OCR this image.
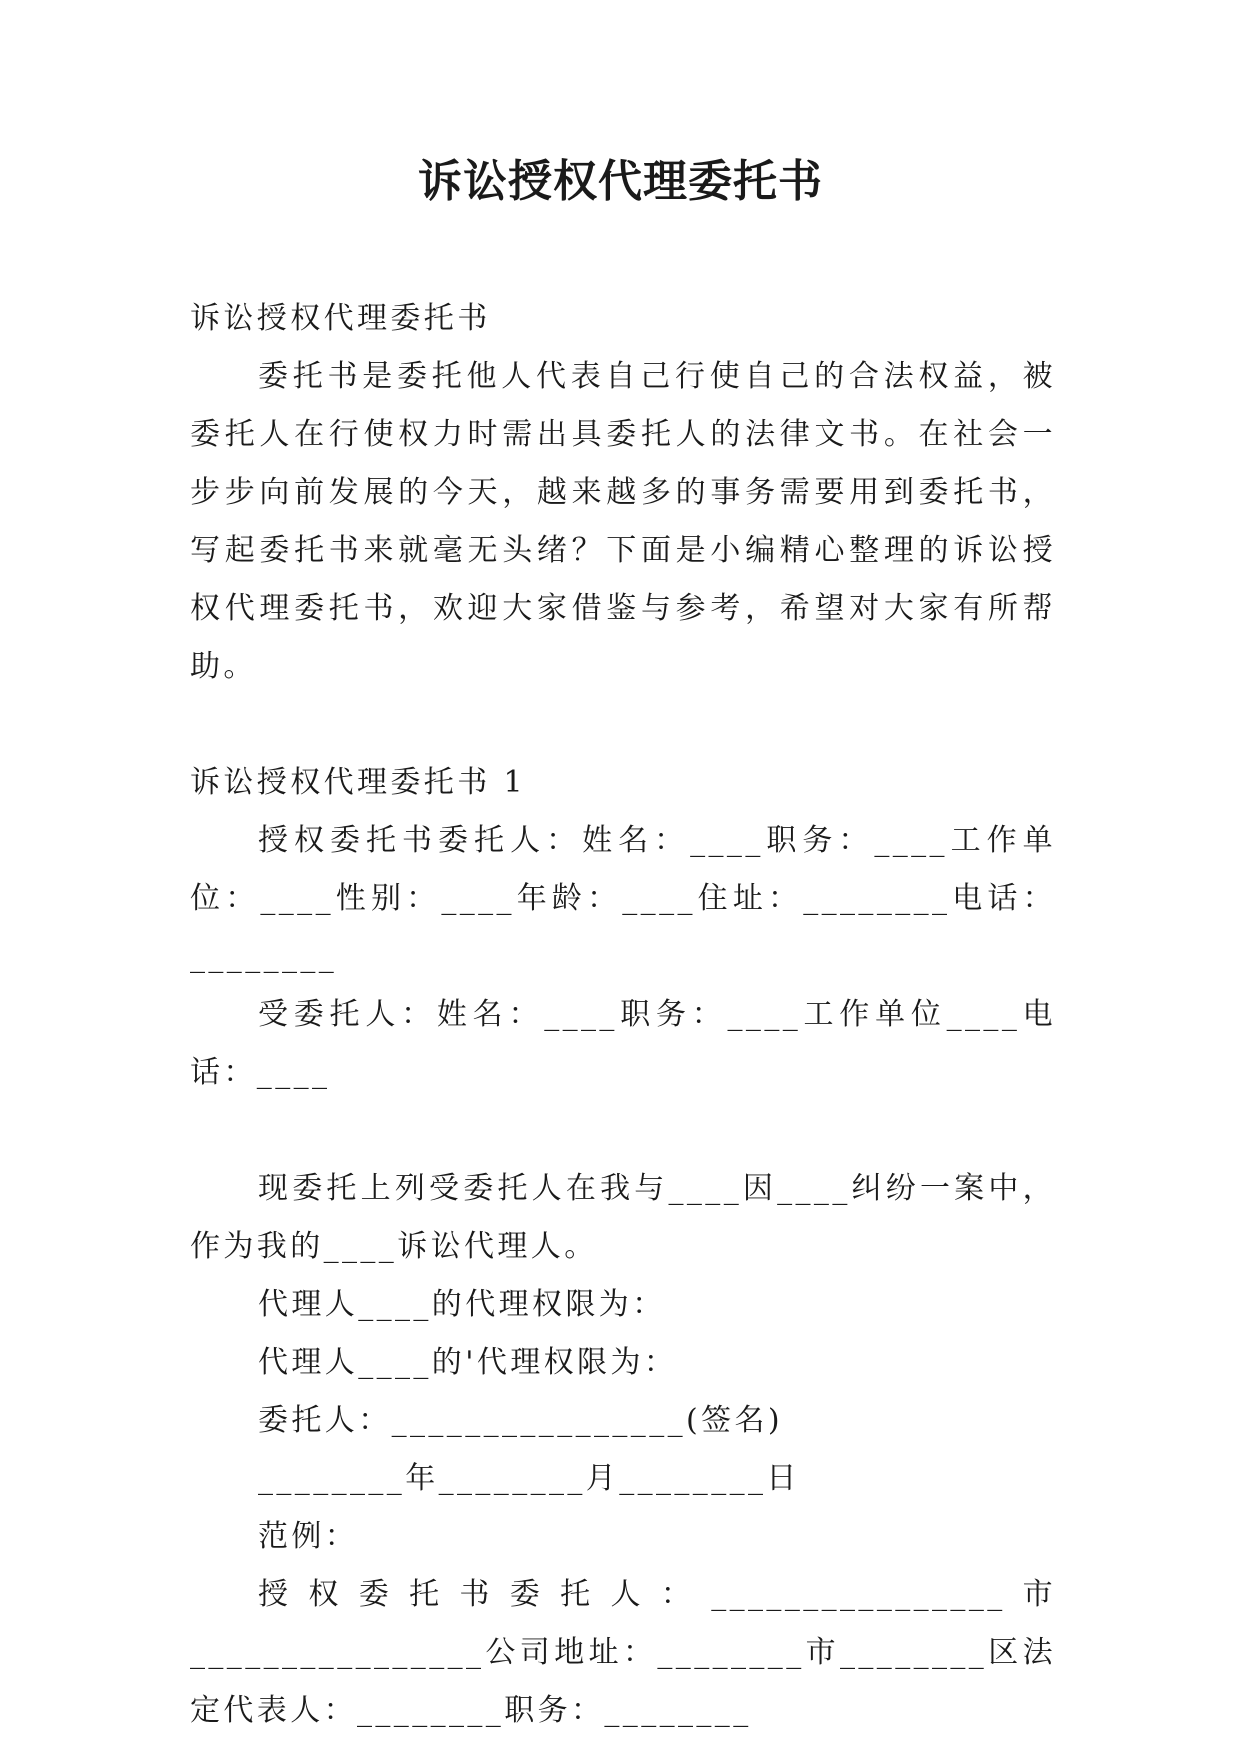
诉讼授权代理委托书

诉讼授权代理委托书

委托书是委托他人代表自己行使自己的合法权益，被委托人在行使权力时需出具委托人的法律文书。在社会一步步向前发展的今天，越来越多的事务需要用到委托书，写起委托书来就毫无头绪？下面是小编精心整理的诉讼授权代理委托书，欢迎大家借鉴与参考，希望对大家有所帮助。

诉讼授权代理委托书 1

授权委托书委托人：姓名：____职务：____工作单位：____性别：____年龄：____住址：________电话：________

受委托人：姓名：____职务：____工作单位____电话：____

现委托上列受委托人在我与____因____纠纷一案中，作为我的____诉讼代理人。

代理人____的代理权限为：

代理人____的'代理权限为：

委托人：________________(签名)

________年________月________日

范例：

授权委托书委托人：________________市________________公司地址：________市________区法定代表人：________职务：________
